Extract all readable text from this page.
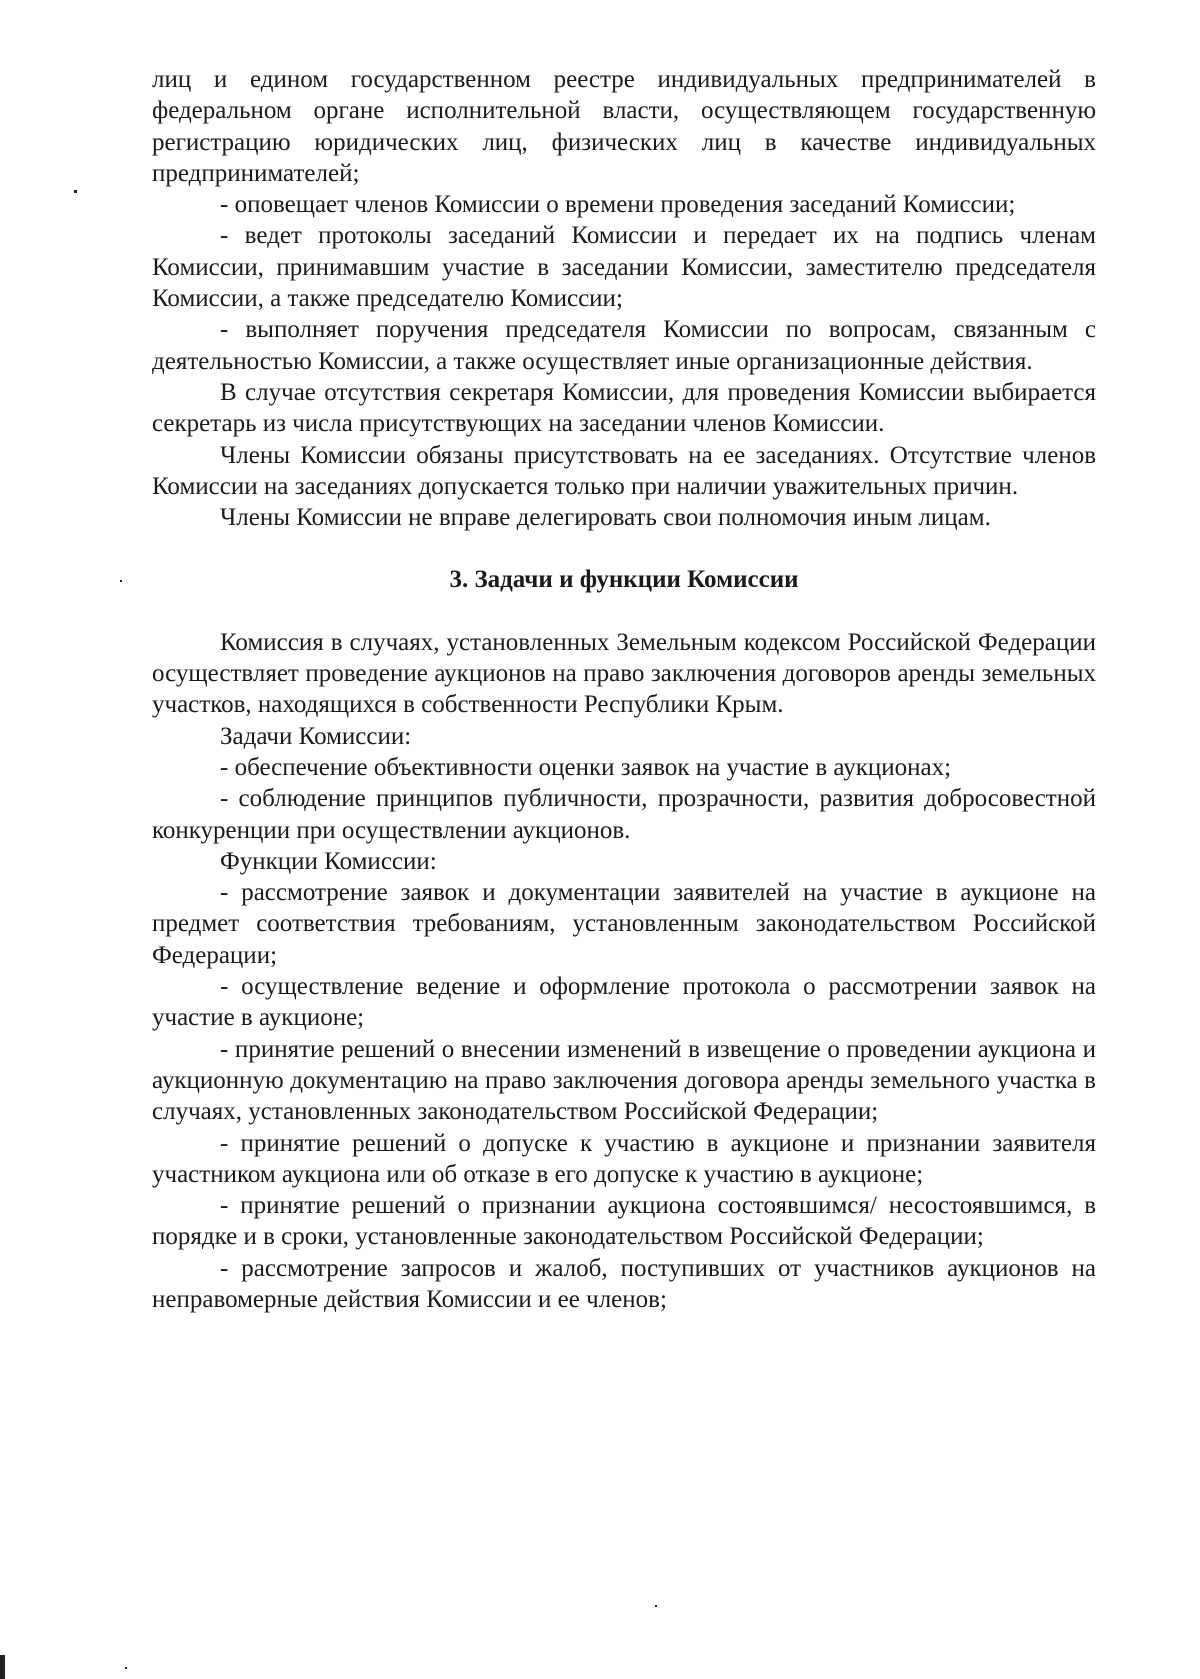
лиц и едином государственном реестре индивидуальных предпринимателей в федеральном органе исполнительной власти, осуществляющем государственную регистрацию юридических лиц, физических лиц в качестве индивидуальных предпринимателей;

- оповещает членов Комиссии о времени проведения заседаний Комиссии;

- ведет протоколы заседаний Комиссии и передает их на подпись членам Комиссии, принимавшим участие в заседании Комиссии, заместителю председателя Комиссии, а также председателю Комиссии;

- выполняет поручения председателя Комиссии по вопросам, связанным с деятельностью Комиссии, а также осуществляет иные организационные действия.

В случае отсутствия секретаря Комиссии, для проведения Комиссии выбирается секретарь из числа присутствующих на заседании членов Комиссии.

Члены Комиссии обязаны присутствовать на ее заседаниях. Отсутствие членов Комиссии на заседаниях допускается только при наличии уважительных причин.

Члены Комиссии не вправе делегировать свои полномочия иным лицам.

3. Задачи и функции Комиссии

Комиссия в случаях, установленных Земельным кодексом Российской Федерации осуществляет проведение аукционов на право заключения договоров аренды земельных участков, находящихся в собственности Республики Крым.

Задачи Комиссии:

- обеспечение объективности оценки заявок на участие в аукционах;

- соблюдение принципов публичности, прозрачности, развития добросовестной конкуренции при осуществлении аукционов.

Функции Комиссии:

- рассмотрение заявок и документации заявителей на участие в аукционе на предмет соответствия требованиям, установленным законодательством Российской Федерации;

- осуществление ведение и оформление протокола о рассмотрении заявок на участие в аукционе;

- принятие решений о внесении изменений в извещение о проведении аукциона и аукционную документацию на право заключения договора аренды земельного участка в случаях, установленных законодательством Российской Федерации;

- принятие решений о допуске к участию в аукционе и признании заявителя участником аукциона или об отказе в его допуске к участию в аукционе;

- принятие решений о признании аукциона состоявшимся/ несостоявшимся, в порядке и в сроки, установленные законодательством Российской Федерации;

- рассмотрение запросов и жалоб, поступивших от участников аукционов на неправомерные действия Комиссии и ее членов;
